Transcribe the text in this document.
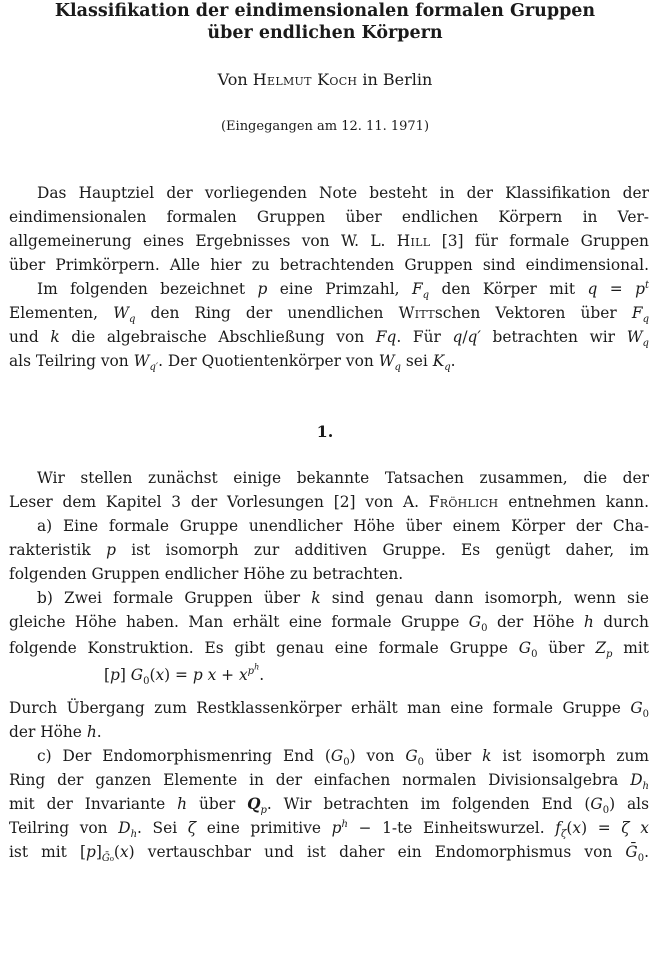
Klassifikation der eindimensionalen formalen Gruppen
über endlichen Körpern
Von Helmut Koch in Berlin
(Eingegangen am 12. 11. 1971)
Das Hauptziel der vorliegenden Note besteht in der Klassifikation der
eindimensionalen formalen Gruppen über endlichen Körpern in Ver-
allgemeinerung eines Ergebnisses von W. L. Hill [3] für formale Gruppen
über Primkörpern. Alle hier zu betrachtenden Gruppen sind eindimensional.
Im folgenden bezeichnet p eine Primzahl, $F_q$ den Körper mit $q = p^t$
Elementen, $W_q$ den Ring der unendlichen Wittschen Vektoren über $F_q$
und k die algebraische Abschließung von Fq. Für q/q′ betrachten wir $W_q$
als Teilring von $W_{q'}$. Der Quotientenkörper von $W_q$ sei $K_q$.
1.
Wir stellen zunächst einige bekannte Tatsachen zusammen, die der
Leser dem Kapitel 3 der Vorlesungen [2] von A. Fröhlich entnehmen kann.
a) Eine formale Gruppe unendlicher Höhe über einem Körper der Cha-
rakteristik p ist isomorph zur additiven Gruppe. Es genügt daher, im
folgenden Gruppen endlicher Höhe zu betrachten.
b) Zwei formale Gruppen über k sind genau dann isomorph, wenn sie
gleiche Höhe haben. Man erhält eine formale Gruppe $G_0$ der Höhe h durch
folgende Konstruktion. Es gibt genau eine formale Gruppe $G_0$ über $Z_p$ mit
[p] $G_0(x) = p$ $x + x^{p^h}$.
Durch Übergang zum Restklassenkörper erhält man eine formale Gruppe $G_0$
der Höhe h.
c) Der Endomorphismenring End $(G_0)$ von $G_0$ über k ist isomorph zum
Ring der ganzen Elemente in der einfachen normalen Divisionsalgebra $D_h$
mit der Invariante h über $Q_p$. Wir betrachten im folgenden End $(G_0)$ als
Teilring von $D_h$. Sei ζ eine primitive $p^h - 1-te$ Einheitswurzel. $f_\zeta(x) = \zeta$ x
ist mit $[p]_{Ḡ_0}(x)$ vertauschbar und ist daher ein Endomorphismus von Ḡ$_0$.
